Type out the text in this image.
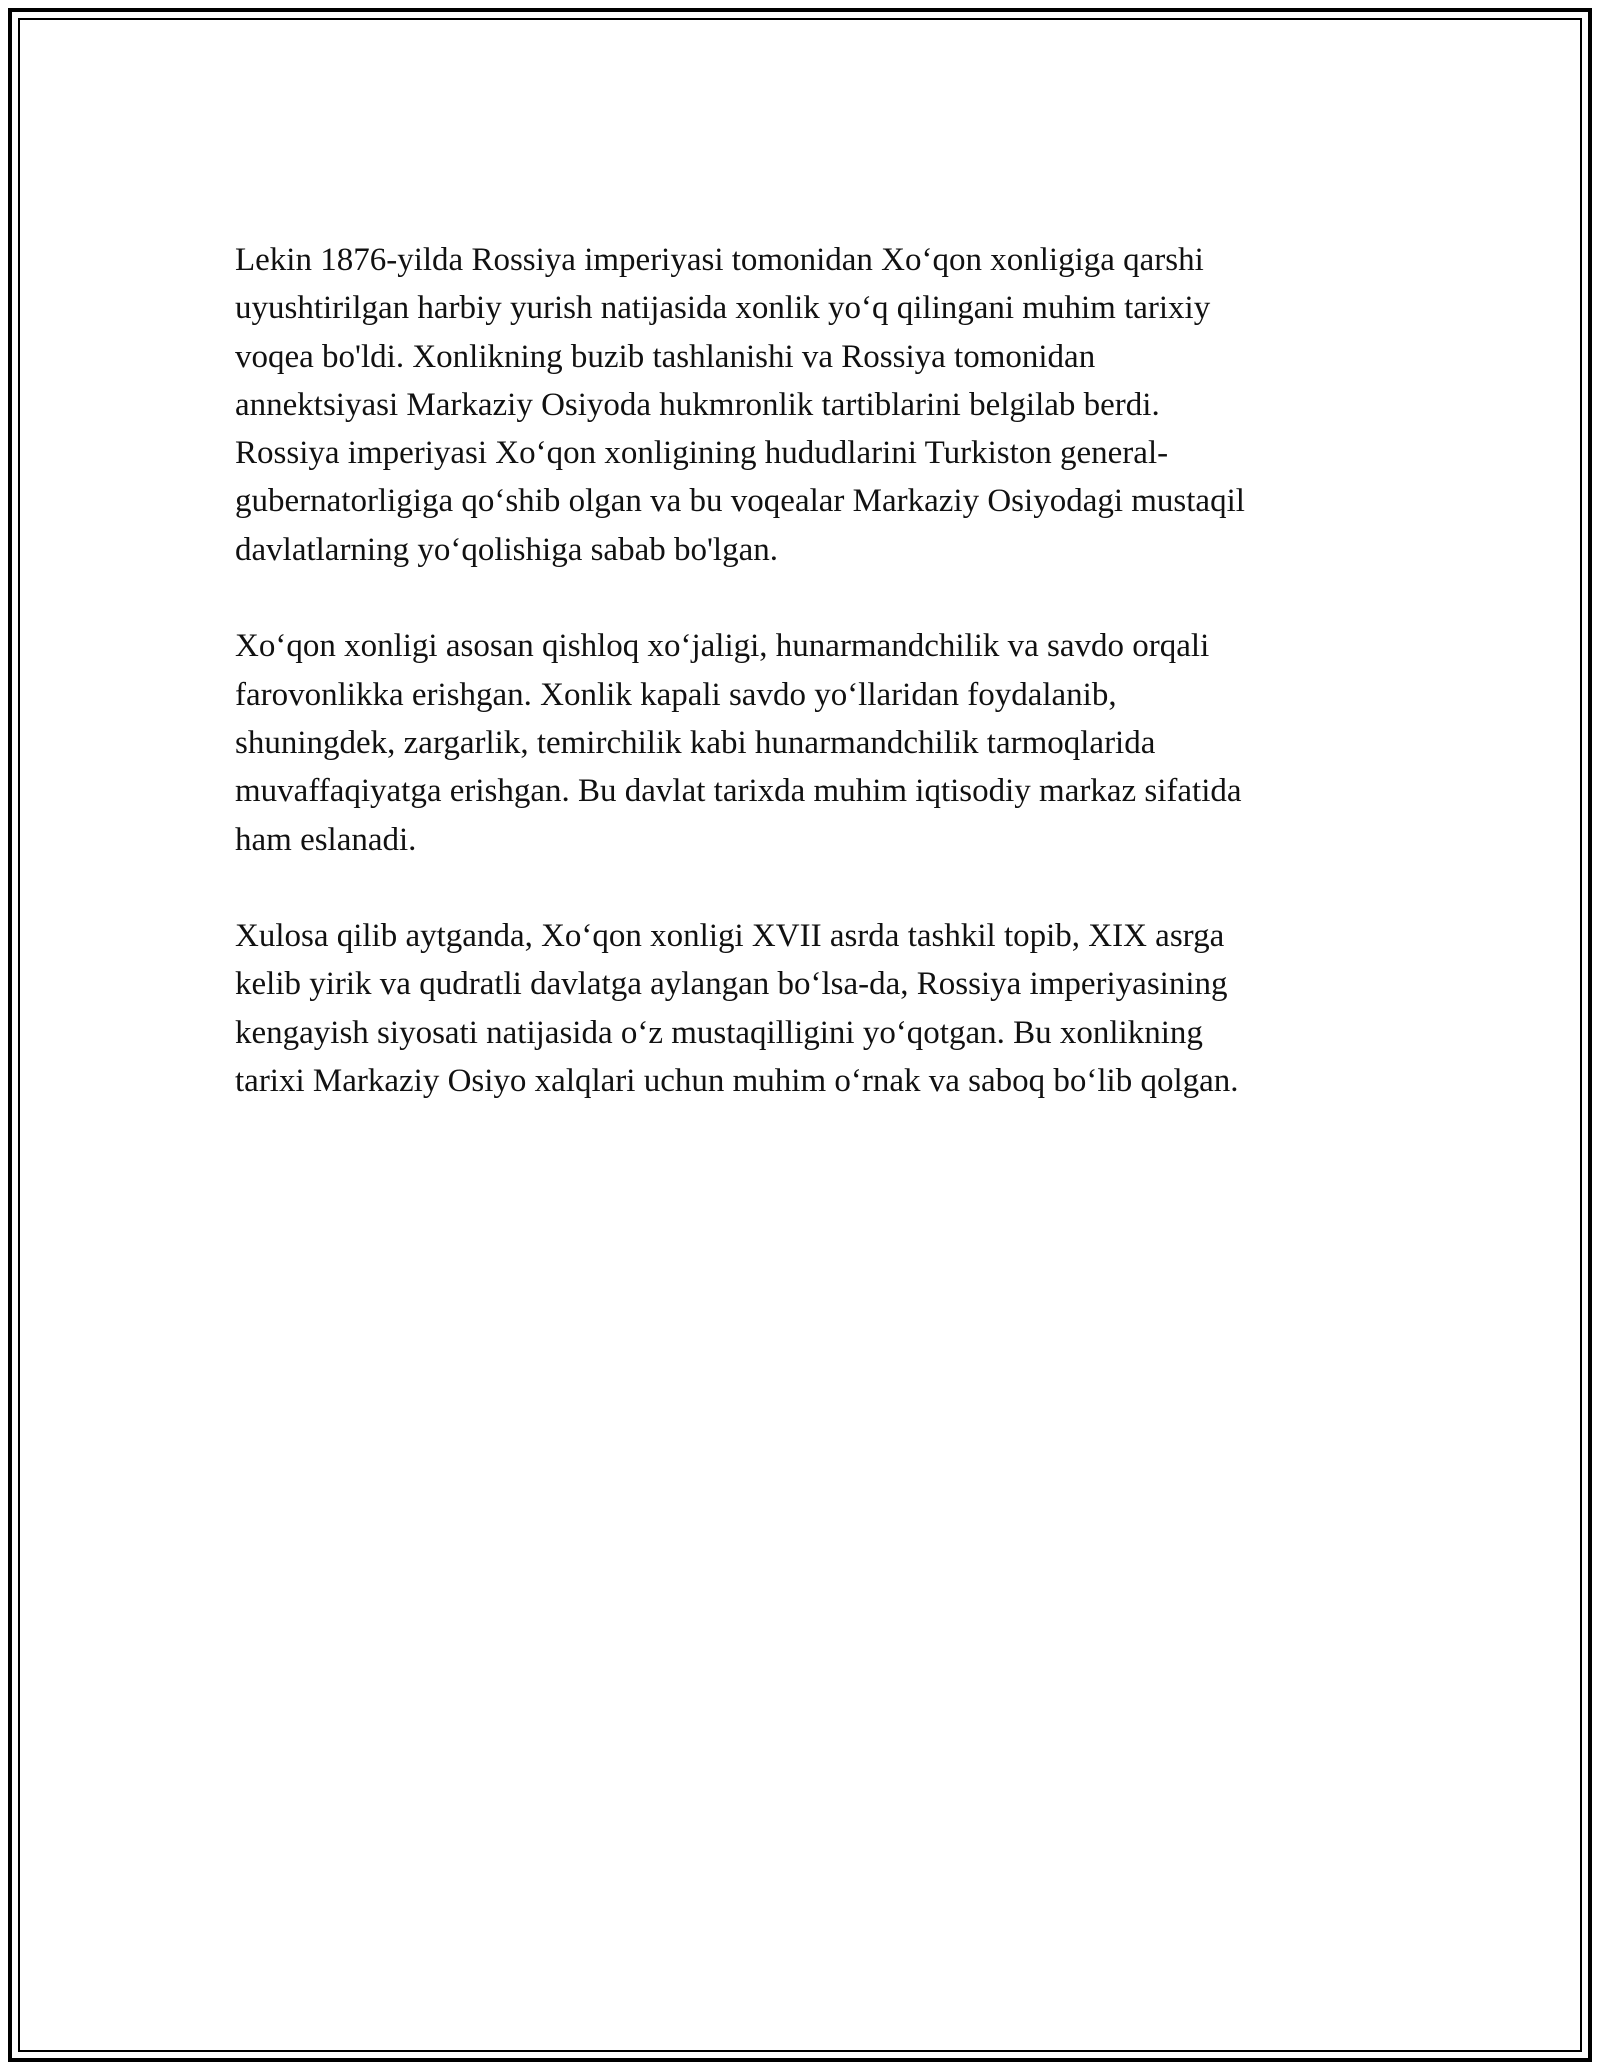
Lekin 1876-yilda Rossiya imperiyasi tomonidan Xo‘qon xonligiga qarshi
uyushtirilgan harbiy yurish natijasida xonlik yo‘q qilingani muhim tarixiy
voqea bo'ldi. Xonlikning buzib tashlanishi va Rossiya tomonidan
annektsiyasi Markaziy Osiyoda hukmronlik tartiblarini belgilab berdi.
Rossiya imperiyasi Xo‘qon xonligining hududlarini Turkiston general-
gubernatorligiga qo‘shib olgan va bu voqealar Markaziy Osiyodagi mustaqil
davlatlarning yo‘qolishiga sabab bo'lgan.

Xo‘qon xonligi asosan qishloq xo‘jaligi, hunarmandchilik va savdo orqali
farovonlikka erishgan. Xonlik kapali savdo yo‘llaridan foydalanib,
shuningdek, zargarlik, temirchilik kabi hunarmandchilik tarmoqlarida
muvaffaqiyatga erishgan. Bu davlat tarixda muhim iqtisodiy markaz sifatida
ham eslanadi.

Xulosa qilib aytganda, Xo‘qon xonligi XVII asrda tashkil topib, XIX asrga
kelib yirik va qudratli davlatga aylangan bo‘lsa-da, Rossiya imperiyasining
kengayish siyosati natijasida o‘z mustaqilligini yo‘qotgan. Bu xonlikning
tarixi Markaziy Osiyo xalqlari uchun muhim o‘rnak va saboq bo‘lib qolgan.
